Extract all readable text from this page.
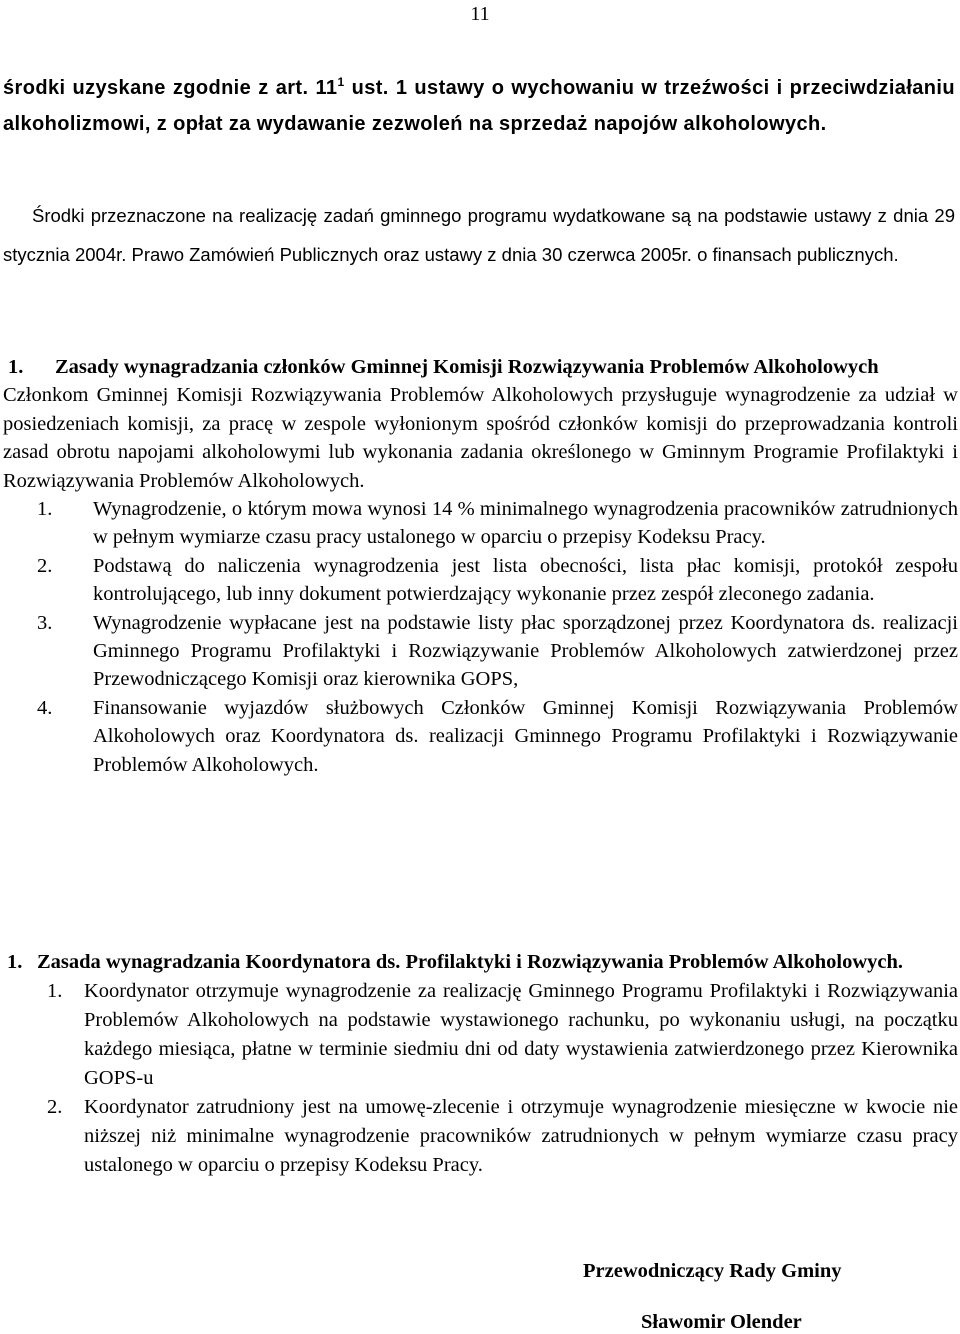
11
środki uzyskane zgodnie z art. $11^1$ ust. 1 ustawy o wychowaniu w trzeźwości i przeciwdziałaniu alkoholizmowi, z opłat za wydawanie zezwoleń na sprzedaż napojów alkoholowych.
Środki przeznaczone na realizację zadań gminnego programu wydatkowane są na podstawie ustawy z dnia 29 stycznia 2004r. Prawo Zamówień Publicznych oraz ustawy z dnia 30 czerwca 2005r. o finansach publicznych.
1.	Zasady wynagradzania członków Gminnej Komisji Rozwiązywania Problemów Alkoholowych
Członkom Gminnej Komisji Rozwiązywania Problemów Alkoholowych przysługuje wynagrodzenie za udział w posiedzeniach komisji, za pracę w zespole wyłonionym spośród członków komisji do przeprowadzania kontroli zasad obrotu napojami alkoholowymi lub wykonania zadania określonego w Gminnym Programie Profilaktyki i Rozwiązywania Problemów Alkoholowych.
1.	Wynagrodzenie, o którym mowa wynosi 14 % minimalnego wynagrodzenia pracowników zatrudnionych w pełnym wymiarze czasu pracy ustalonego w oparciu o przepisy Kodeksu Pracy.
2.	Podstawą do naliczenia wynagrodzenia jest lista obecności, lista płac komisji, protokół zespołu kontrolującego, lub inny dokument potwierdzający wykonanie przez zespół zleconego zadania.
3.	Wynagrodzenie wypłacane jest na podstawie listy płac sporządzonej przez Koordynatora ds. realizacji Gminnego Programu Profilaktyki i Rozwiązywanie Problemów Alkoholowych zatwierdzonej przez Przewodniczącego Komisji oraz kierownika GOPS,
4.	Finansowanie wyjazdów służbowych Członków Gminnej Komisji Rozwiązywania Problemów Alkoholowych oraz Koordynatora ds. realizacji Gminnego Programu Profilaktyki i Rozwiązywanie Problemów Alkoholowych.
1. Zasada wynagradzania Koordynatora ds. Profilaktyki i Rozwiązywania Problemów Alkoholowych.
1.	Koordynator otrzymuje wynagrodzenie za realizację Gminnego Programu Profilaktyki i Rozwiązywania Problemów Alkoholowych na podstawie wystawionego rachunku, po wykonaniu usługi, na początku każdego miesiąca, płatne w terminie siedmiu dni od daty wystawienia zatwierdzonego przez Kierownika GOPS-u
2.	Koordynator zatrudniony jest na umowę-zlecenie i otrzymuje wynagrodzenie miesięczne w kwocie nie niższej niż minimalne wynagrodzenie pracowników zatrudnionych w pełnym wymiarze czasu pracy ustalonego w oparciu o przepisy Kodeksu Pracy.
Przewodniczący Rady Gminy
Sławomir Olender
